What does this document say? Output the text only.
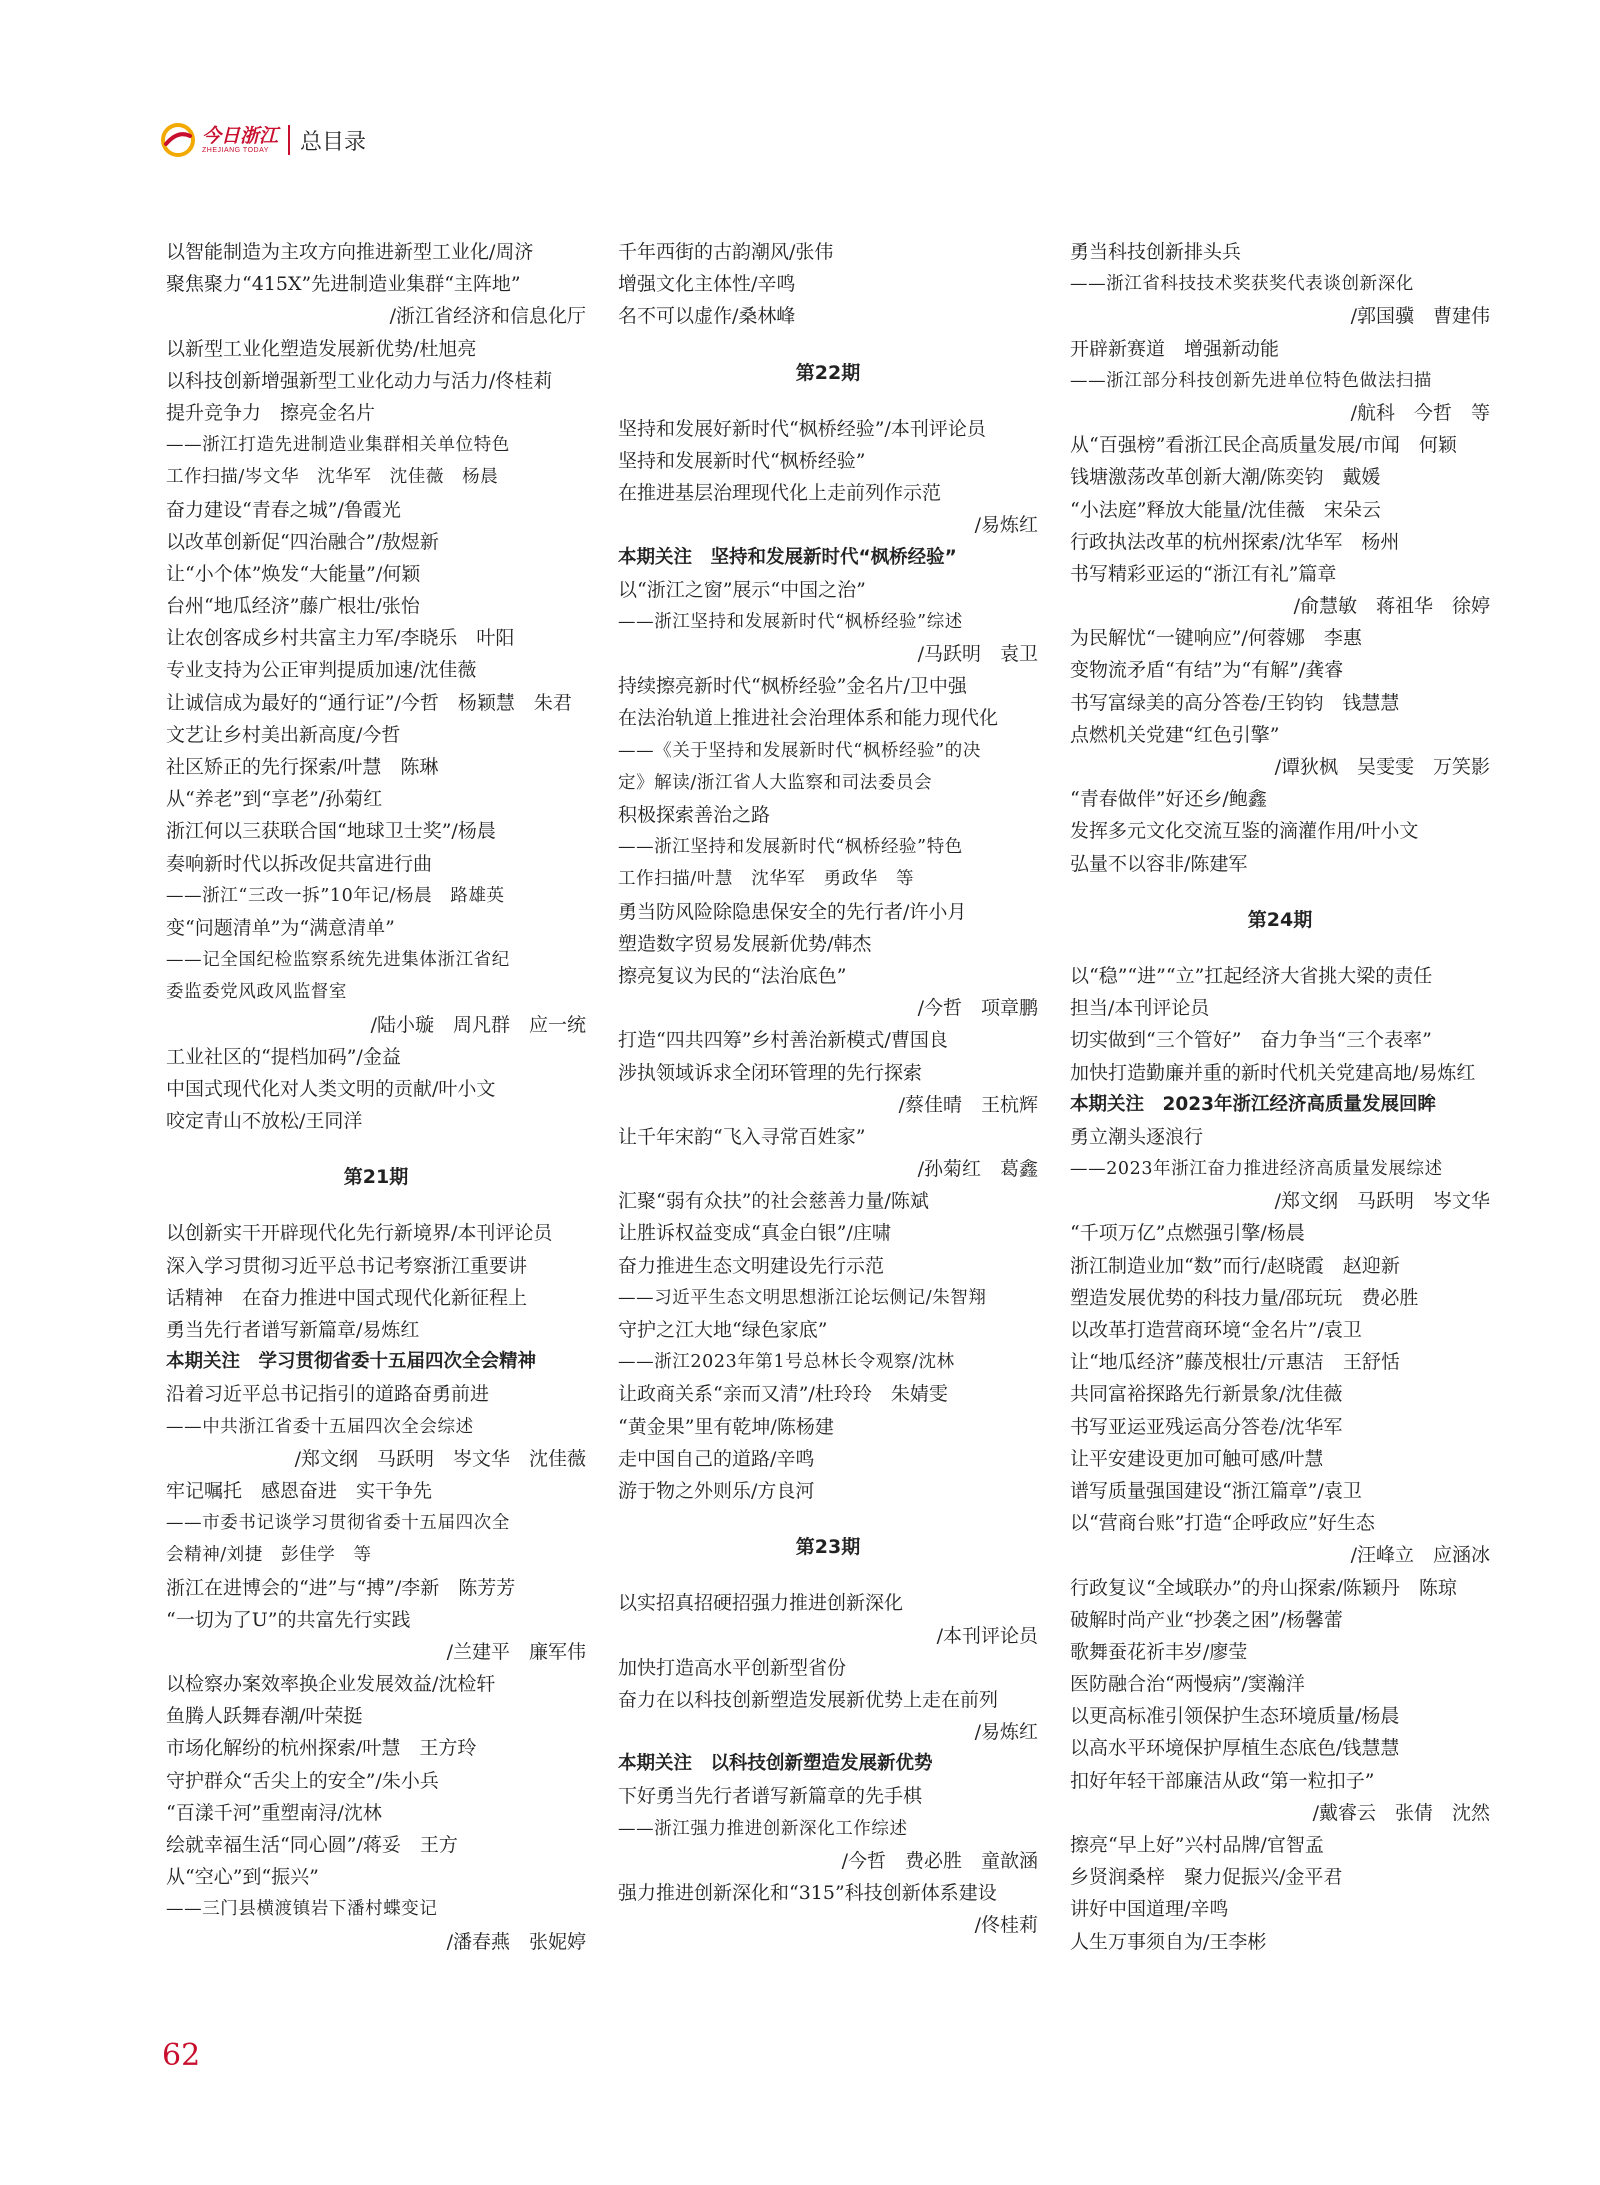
今日浙江
ZHEJIANG TODAY	总目录
以智能制造为主攻方向推进新型工业化/周济
聚焦聚力“415X”先进制造业集群“主阵地”
/浙江省经济和信息化厅
以新型工业化塑造发展新优势/杜旭亮
以科技创新增强新型工业化动力与活力/佟桂莉
提升竞争力　擦亮金名片
——浙江打造先进制造业集群相关单位特色
工作扫描/岑文华　沈华军　沈佳薇　杨晨
奋力建设“青春之城”/鲁霞光
以改革创新促“四治融合”/敖煜新
让“小个体”焕发“大能量”/何颖
台州“地瓜经济”藤广根壮/张怡
让农创客成乡村共富主力军/李晓乐　叶阳
专业支持为公正审判提质加速/沈佳薇
让诚信成为最好的“通行证”/今哲　杨颖慧　朱君
文艺让乡村美出新高度/今哲
社区矫正的先行探索/叶慧　陈琳
从“养老”到“享老”/孙菊红
浙江何以三获联合国“地球卫士奖”/杨晨
奏响新时代以拆改促共富进行曲
——浙江“三改一拆”10年记/杨晨　路雄英
变“问题清单”为“满意清单”
——记全国纪检监察系统先进集体浙江省纪
委监委党风政风监督室
/陆小璇　周凡群　应一统
工业社区的“提档加码”/金益
中国式现代化对人类文明的贡献/叶小文
咬定青山不放松/王同洋
第21期
以创新实干开辟现代化先行新境界/本刊评论员
深入学习贯彻习近平总书记考察浙江重要讲
话精神　在奋力推进中国式现代化新征程上
勇当先行者谱写新篇章/易炼红
本期关注　学习贯彻省委十五届四次全会精神
沿着习近平总书记指引的道路奋勇前进
——中共浙江省委十五届四次全会综述
/郑文纲　马跃明　岑文华　沈佳薇
牢记嘱托　感恩奋进　实干争先
——市委书记谈学习贯彻省委十五届四次全
会精神/刘捷　彭佳学　等
浙江在进博会的“进”与“搏”/李新　陈芳芳
“一切为了U”的共富先行实践
/兰建平　廉军伟
以检察办案效率换企业发展效益/沈检轩
鱼腾人跃舞春潮/叶荣挺
市场化解纷的杭州探索/叶慧　王方玲
守护群众“舌尖上的安全”/朱小兵
“百漾千河”重塑南浔/沈林
绘就幸福生活“同心圆”/蒋妥　王方
从“空心”到“振兴”
——三门县横渡镇岩下潘村蝶变记
/潘春燕　张妮婷
千年西街的古韵潮风/张伟
增强文化主体性/辛鸣
名不可以虚作/桑林峰
第22期
坚持和发展好新时代“枫桥经验”/本刊评论员
坚持和发展新时代“枫桥经验”
在推进基层治理现代化上走前列作示范
/易炼红
本期关注　坚持和发展新时代“枫桥经验”
以“浙江之窗”展示“中国之治”
——浙江坚持和发展新时代“枫桥经验”综述
/马跃明　袁卫
持续擦亮新时代“枫桥经验”金名片/卫中强
在法治轨道上推进社会治理体系和能力现代化
——《关于坚持和发展新时代“枫桥经验”的决
定》解读/浙江省人大监察和司法委员会
积极探索善治之路
——浙江坚持和发展新时代“枫桥经验”特色
工作扫描/叶慧　沈华军　勇政华　等
勇当防风险除隐患保安全的先行者/许小月
塑造数字贸易发展新优势/韩杰
擦亮复议为民的“法治底色”
/今哲　项章鹏
打造“四共四筹”乡村善治新模式/曹国良
涉执领域诉求全闭环管理的先行探索
/蔡佳晴　王杭辉
让千年宋韵“飞入寻常百姓家”
/孙菊红　葛鑫
汇聚“弱有众扶”的社会慈善力量/陈斌
让胜诉权益变成“真金白银”/庄啸
奋力推进生态文明建设先行示范
——习近平生态文明思想浙江论坛侧记/朱智翔
守护之江大地“绿色家底”
——浙江2023年第1号总林长令观察/沈林
让政商关系“亲而又清”/杜玲玲　朱婧雯
“黄金果”里有乾坤/陈杨建
走中国自己的道路/辛鸣
游于物之外则乐/方良河
第23期
以实招真招硬招强力推进创新深化
/本刊评论员
加快打造高水平创新型省份
奋力在以科技创新塑造发展新优势上走在前列
/易炼红
本期关注　以科技创新塑造发展新优势
下好勇当先行者谱写新篇章的先手棋
——浙江强力推进创新深化工作综述
/今哲　费必胜　童歆涵
强力推进创新深化和“315”科技创新体系建设
/佟桂莉
勇当科技创新排头兵
——浙江省科技技术奖获奖代表谈创新深化
/郭国骥　曹建伟
开辟新赛道　增强新动能
——浙江部分科技创新先进单位特色做法扫描
/航科　今哲　等
从“百强榜”看浙江民企高质量发展/市闻　何颖
钱塘激荡改革创新大潮/陈奕钧　戴媛
“小法庭”释放大能量/沈佳薇　宋朵云
行政执法改革的杭州探索/沈华军　杨州
书写精彩亚运的“浙江有礼”篇章
/俞慧敏　蒋祖华　徐婷
为民解忧“一键响应”/何蓉娜　李惠
变物流矛盾“有结”为“有解”/龚睿
书写富绿美的高分答卷/王钧钧　钱慧慧
点燃机关党建“红色引擎”
/谭狄枫　吴雯雯　万笑影
“青春做伴”好还乡/鲍鑫
发挥多元文化交流互鉴的滴灌作用/叶小文
弘量不以容非/陈建军
第24期
以“稳”“进”“立”扛起经济大省挑大梁的责任
担当/本刊评论员
切实做到“三个管好”　奋力争当“三个表率”
加快打造勤廉并重的新时代机关党建高地/易炼红
本期关注　2023年浙江经济高质量发展回眸
勇立潮头逐浪行
——2023年浙江奋力推进经济高质量发展综述
/郑文纲　马跃明　岑文华
“千项万亿”点燃强引擎/杨晨
浙江制造业加“数”而行/赵晓霞　赵迎新
塑造发展优势的科技力量/邵玩玩　费必胜
以改革打造营商环境“金名片”/袁卫
让“地瓜经济”藤茂根壮/亓惠洁　王舒恬
共同富裕探路先行新景象/沈佳薇
书写亚运亚残运高分答卷/沈华军
让平安建设更加可触可感/叶慧
谱写质量强国建设“浙江篇章”/袁卫
以“营商台账”打造“企呼政应”好生态
/汪峰立　应涵冰
行政复议“全域联办”的舟山探索/陈颖丹　陈琼
破解时尚产业“抄袭之困”/杨馨蕾
歌舞蚕花祈丰岁/廖莹
医防融合治“两慢病”/窦瀚洋
以更高标准引领保护生态环境质量/杨晨
以高水平环境保护厚植生态底色/钱慧慧
扣好年轻干部廉洁从政“第一粒扣子”
/戴睿云　张倩　沈然
擦亮“早上好”兴村品牌/官智孟
乡贤润桑梓　聚力促振兴/金平君
讲好中国道理/辛鸣
人生万事须自为/王李彬
62
